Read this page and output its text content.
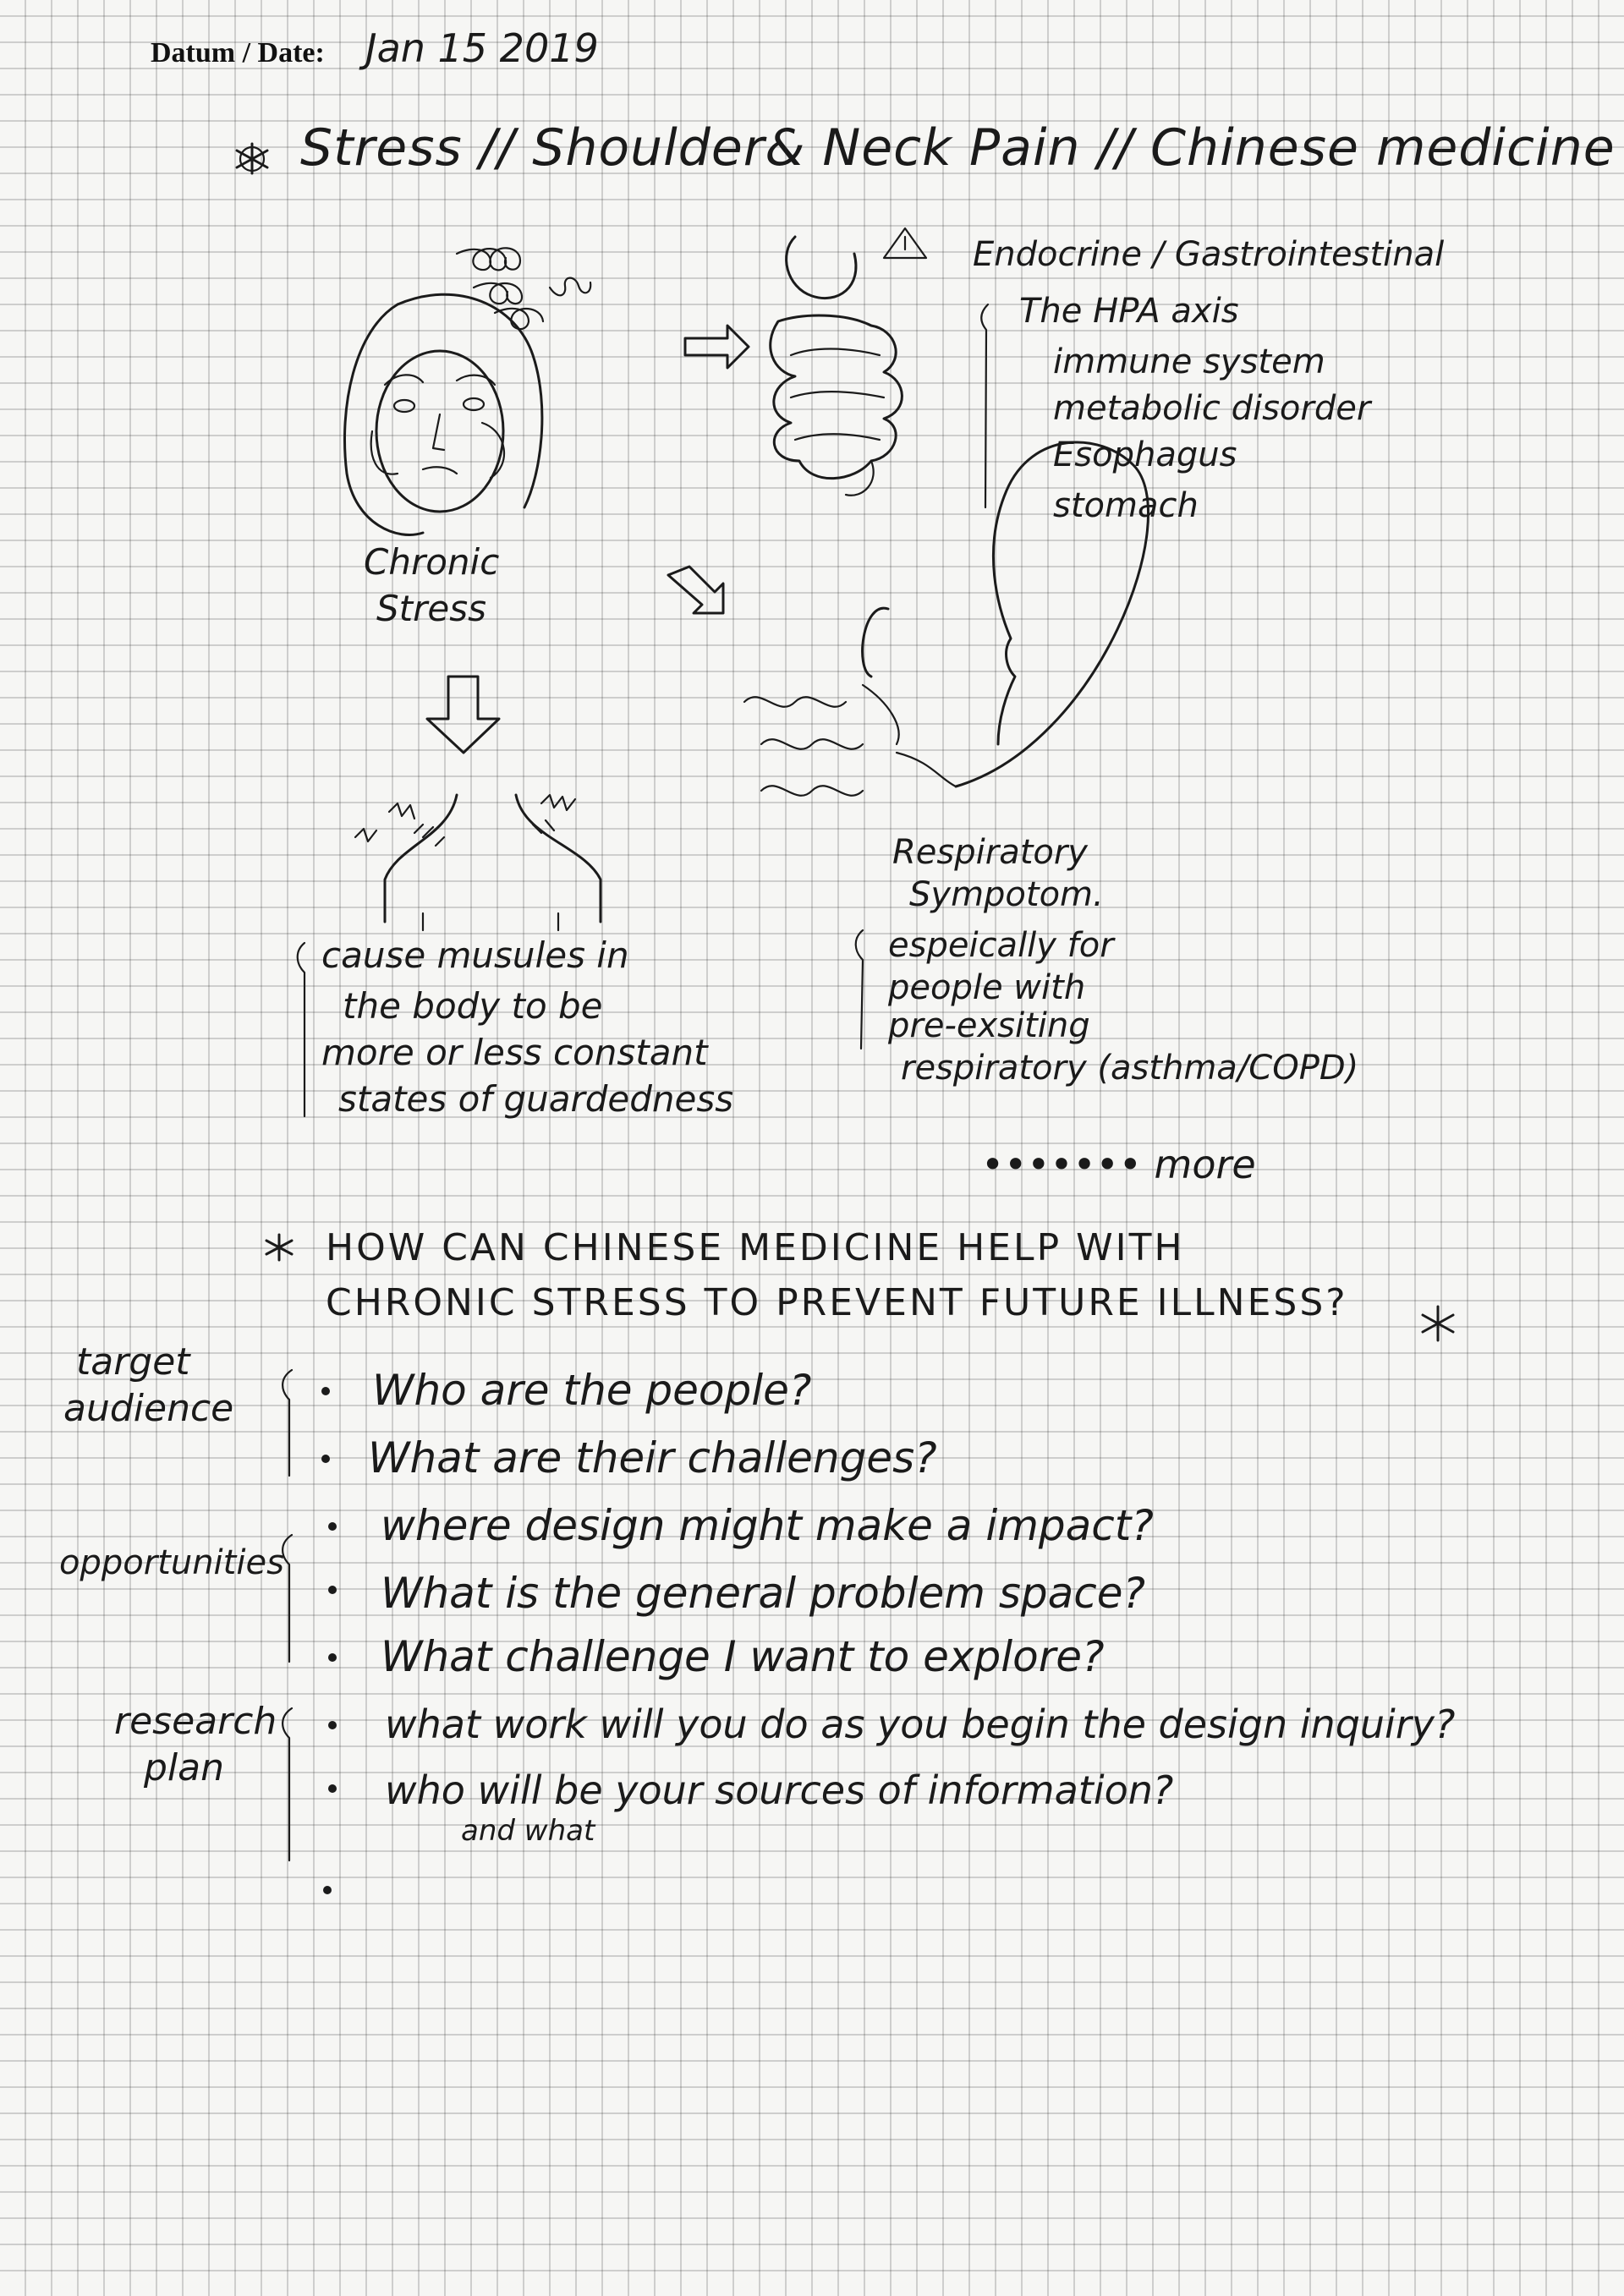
Datum / Date: Jan 15 2019
Stress // Shoulder& Neck Pain // Chinese medicine
Endocrine / Gastrointestinal
The HPA axis
immune system
metabolic disorder
Esophagus
stomach
Chronic
Stress
Respiratory
Sympotom.
espeically for
people with
pre-exsiting
respiratory (asthma/COPD)
cause musules in
the body to be
more or less constant
states of guardedness
••••••• more
HOW CAN CHINESE MEDICINE HELP WITH
CHRONIC STRESS TO PREVENT FUTURE ILLNESS?
target
audience	Who are the people?
What are their challenges?
opportunities
where design might make a impact?
What is the general problem space?
What challenge I want to explore?
research
plan
what work will you do as you begin the design inquiry?
who will be your sources of information?
and what
